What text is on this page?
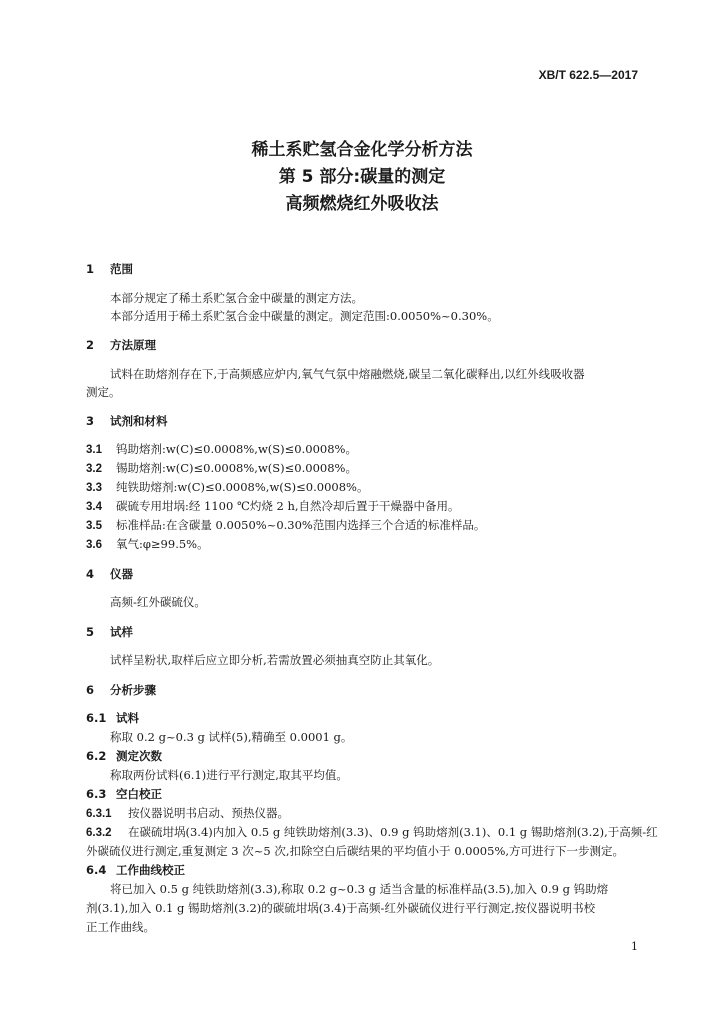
XB/T 622.5—2017
稀土系贮氢合金化学分析方法
第 5 部分:碳量的测定
高频燃烧红外吸收法
1 范围
本部分规定了稀土系贮氢合金中碳量的测定方法。
本部分适用于稀土系贮氢合金中碳量的测定。测定范围:0.0050%~0.30%。
2 方法原理
试料在助熔剂存在下,于高频感应炉内,氧气气氛中熔融燃烧,碳呈二氧化碳释出,以红外线吸收器
测定。
3 试剂和材料
3.1 钨助熔剂:w(C)≤0.0008%,w(S)≤0.0008%。
3.2 锡助熔剂:w(C)≤0.0008%,w(S)≤0.0008%。
3.3 纯铁助熔剂:w(C)≤0.0008%,w(S)≤0.0008%。
3.4 碳硫专用坩埚:经 1100 ℃灼烧 2 h,自然冷却后置于干燥器中备用。
3.5 标准样品:在含碳量 0.0050%~0.30%范围内选择三个合适的标准样品。
3.6 氧气:φ≥99.5%。
4 仪器
高频-红外碳硫仪。
5 试样
试样呈粉状,取样后应立即分析,若需放置必须抽真空防止其氧化。
6 分析步骤
6.1 试料
称取 0.2 g~0.3 g 试样(5),精确至 0.0001 g。
6.2 测定次数
称取两份试料(6.1)进行平行测定,取其平均值。
6.3 空白校正
6.3.1 按仪器说明书启动、预热仪器。
6.3.2 在碳硫坩埚(3.4)内加入 0.5 g 纯铁助熔剂(3.3)、0.9 g 钨助熔剂(3.1)、0.1 g 锡助熔剂(3.2),于高频-红
外碳硫仪进行测定,重复测定 3 次~5 次,扣除空白后碳结果的平均值小于 0.0005%,方可进行下一步测定。
6.4 工作曲线校正
将已加入 0.5 g 纯铁助熔剂(3.3),称取 0.2 g~0.3 g 适当含量的标准样品(3.5),加入 0.9 g 钨助熔
剂(3.1),加入 0.1 g 锡助熔剂(3.2)的碳硫坩埚(3.4)于高频-红外碳硫仪进行平行测定,按仪器说明书校
正工作曲线。
1
